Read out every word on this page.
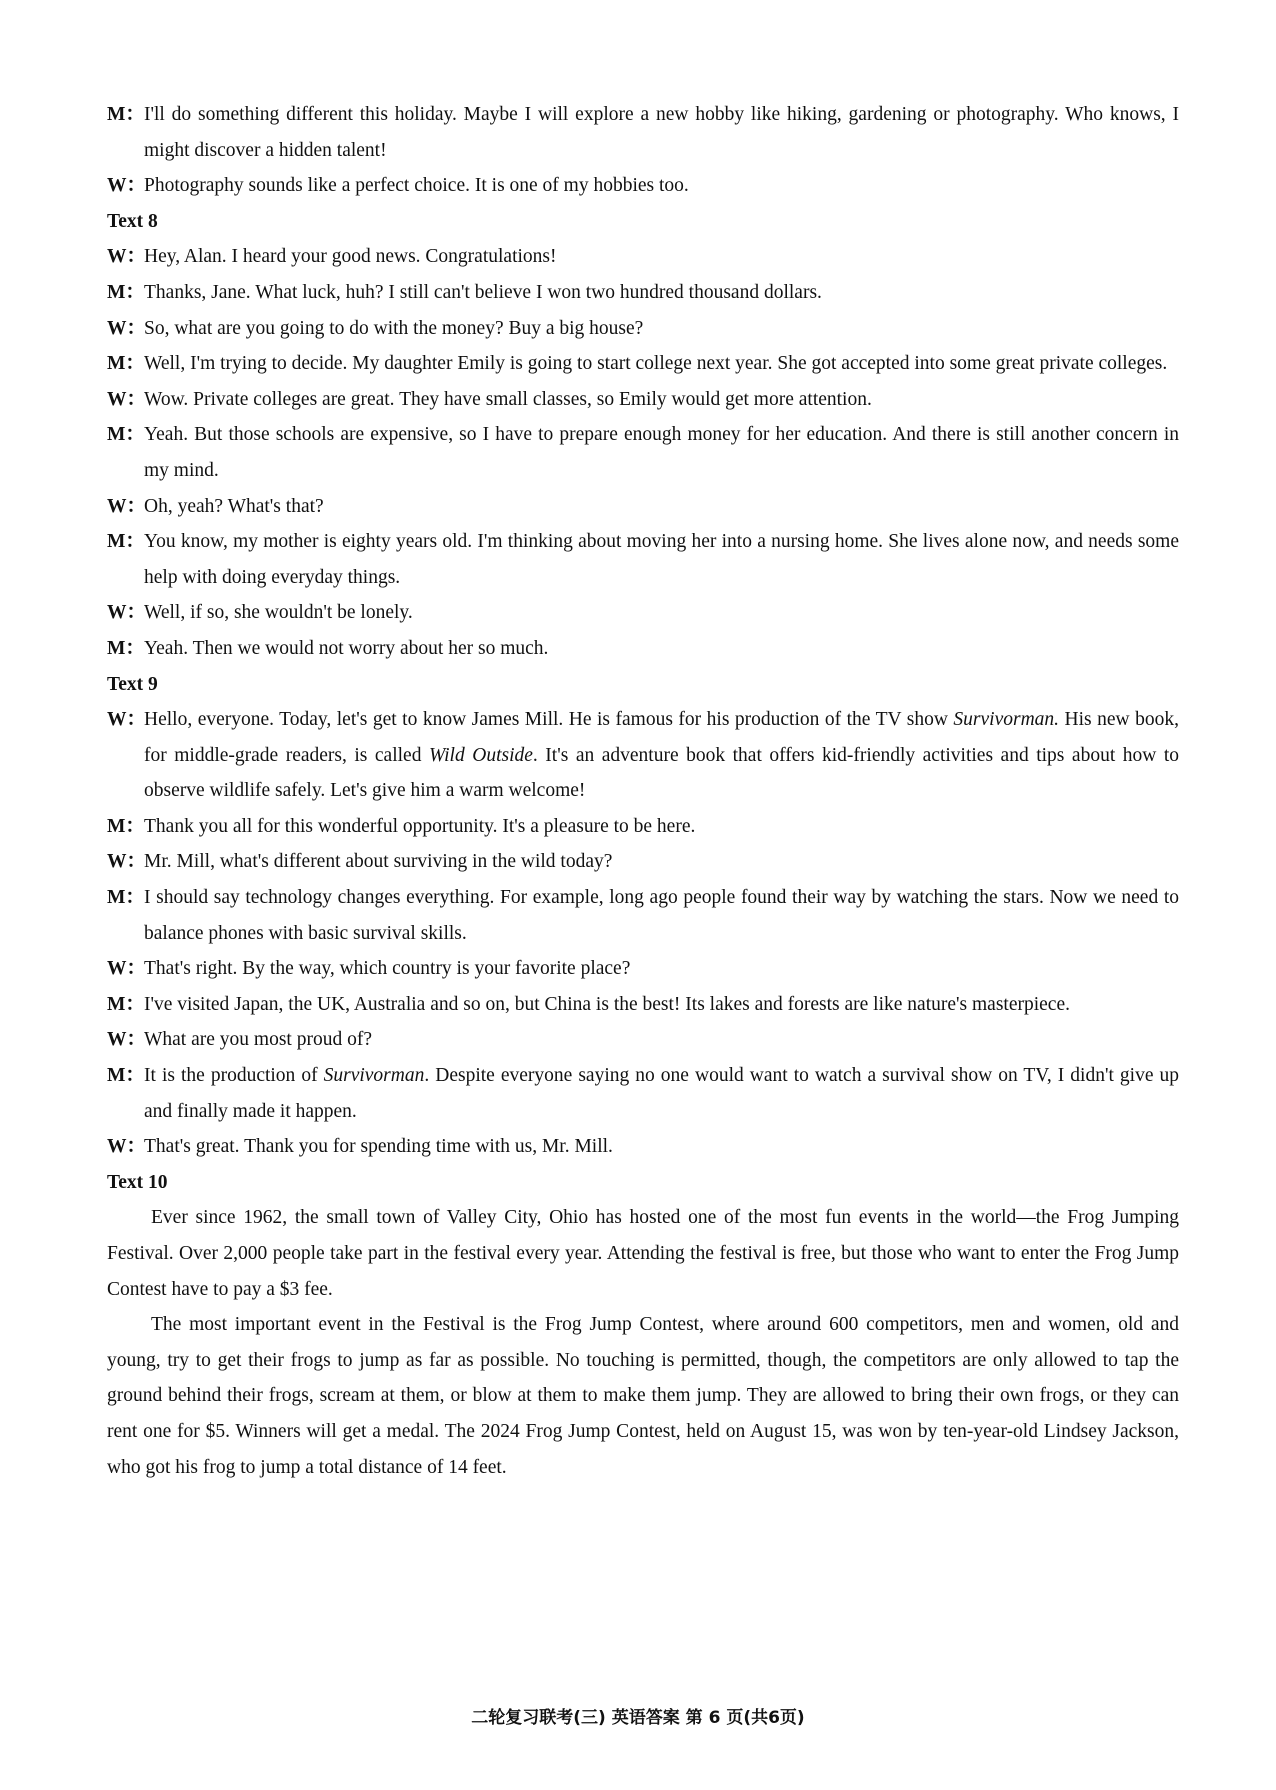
M：I'll do something different this holiday. Maybe I will explore a new hobby like hiking, gardening or photography. Who knows, I might discover a hidden talent!
W：Photography sounds like a perfect choice. It is one of my hobbies too.
Text 8
W：Hey, Alan. I heard your good news. Congratulations!
M：Thanks, Jane. What luck, huh? I still can't believe I won two hundred thousand dollars.
W：So, what are you going to do with the money? Buy a big house?
M：Well, I'm trying to decide. My daughter Emily is going to start college next year. She got accepted into some great private colleges.
W：Wow. Private colleges are great. They have small classes, so Emily would get more attention.
M：Yeah. But those schools are expensive, so I have to prepare enough money for her education. And there is still another concern in my mind.
W：Oh, yeah? What's that?
M：You know, my mother is eighty years old. I'm thinking about moving her into a nursing home. She lives alone now, and needs some help with doing everyday things.
W：Well, if so, she wouldn't be lonely.
M：Yeah. Then we would not worry about her so much.
Text 9
W：Hello, everyone. Today, let's get to know James Mill. He is famous for his production of the TV show Survivorman. His new book, for middle-grade readers, is called Wild Outside. It's an adventure book that offers kid-friendly activities and tips about how to observe wildlife safely. Let's give him a warm welcome!
M：Thank you all for this wonderful opportunity. It's a pleasure to be here.
W：Mr. Mill, what's different about surviving in the wild today?
M：I should say technology changes everything. For example, long ago people found their way by watching the stars. Now we need to balance phones with basic survival skills.
W：That's right. By the way, which country is your favorite place?
M：I've visited Japan, the UK, Australia and so on, but China is the best! Its lakes and forests are like nature's masterpiece.
W：What are you most proud of?
M：It is the production of Survivorman. Despite everyone saying no one would want to watch a survival show on TV, I didn't give up and finally made it happen.
W：That's great. Thank you for spending time with us, Mr. Mill.
Text 10
Ever since 1962, the small town of Valley City, Ohio has hosted one of the most fun events in the world—the Frog Jumping Festival. Over 2,000 people take part in the festival every year. Attending the festival is free, but those who want to enter the Frog Jump Contest have to pay a $3 fee.
The most important event in the Festival is the Frog Jump Contest, where around 600 competitors, men and women, old and young, try to get their frogs to jump as far as possible. No touching is permitted, though, the competitors are only allowed to tap the ground behind their frogs, scream at them, or blow at them to make them jump. They are allowed to bring their own frogs, or they can rent one for $5. Winners will get a medal. The 2024 Frog Jump Contest, held on August 15, was won by ten-year-old Lindsey Jackson, who got his frog to jump a total distance of 14 feet.
二轮复习联考(三) 英语答案 第 6 页(共6页)
